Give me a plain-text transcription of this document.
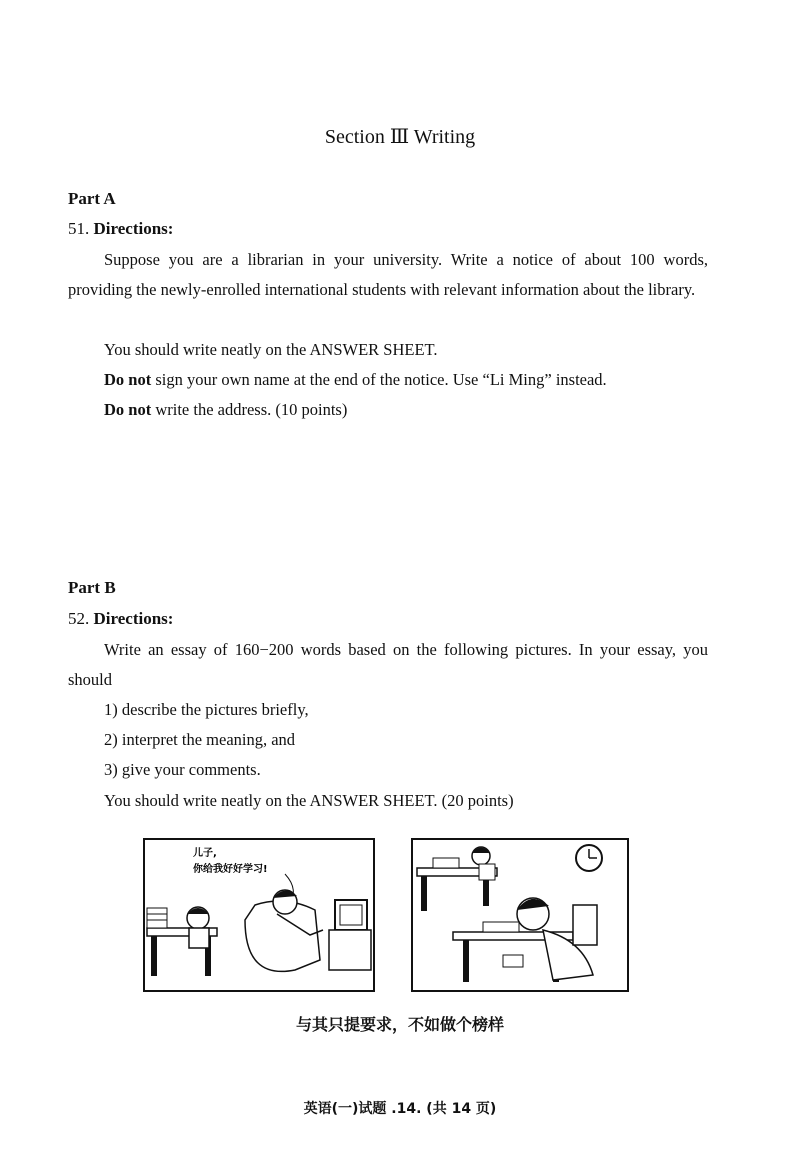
Section Ⅲ Writing
Part A
51. Directions:
Suppose you are a librarian in your university. Write a notice of about 100 words, providing the newly-enrolled international students with relevant information about the library.
You should write neatly on the ANSWER SHEET.
Do not sign your own name at the end of the notice. Use “Li Ming” instead.
Do not write the address. (10 points)
Part B
52. Directions:
Write an essay of 160−200 words based on the following pictures. In your essay, you should
1) describe the pictures briefly,
2) interpret the meaning, and
3) give your comments.
You should write neatly on the ANSWER SHEET. (20 points)
儿子,
你给我好好学习!
与其只提要求，不如做个榜样
英语(一)试题 .14. (共 14 页)
